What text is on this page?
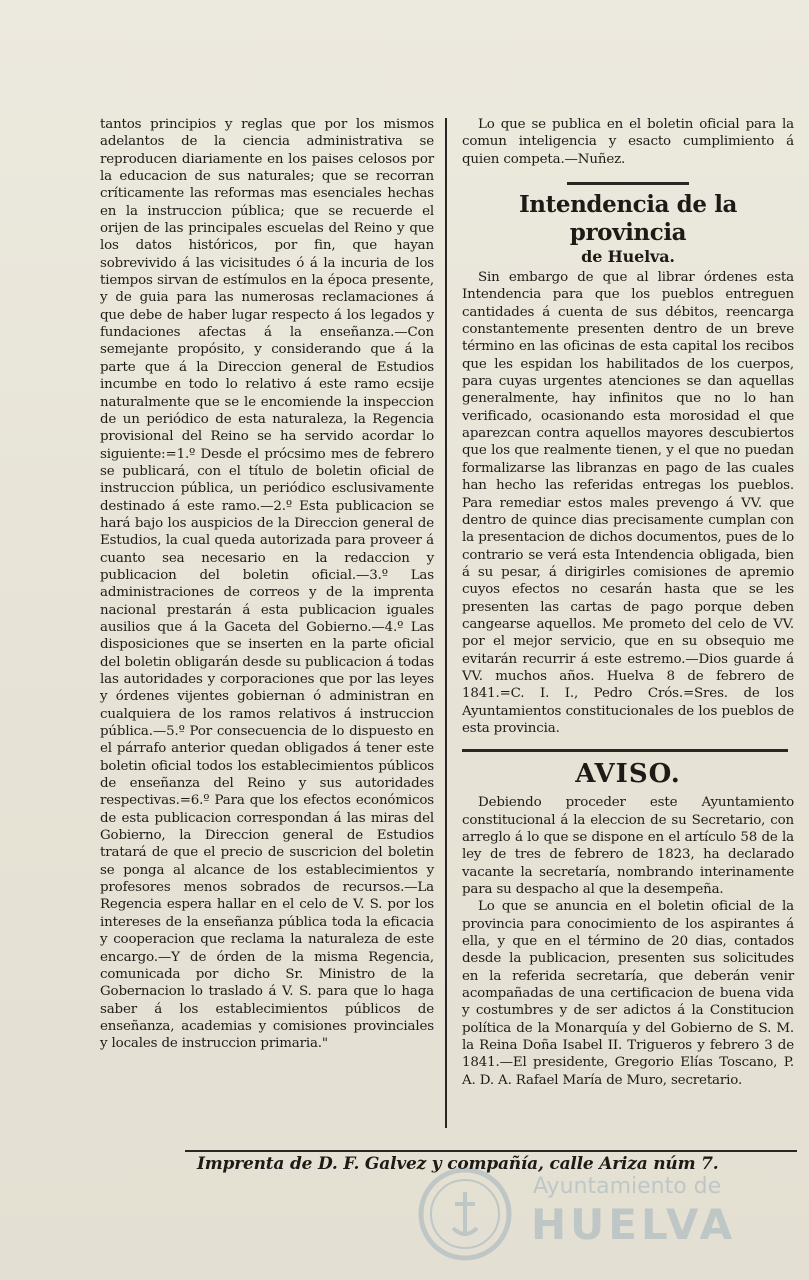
tantos principios y reglas que por los mismos adelantos de la ciencia administrativa se reproducen diariamente en los paises celosos por la educacion de sus naturales; que se recorran críticamente las reformas mas esenciales hechas en la instruccion pública; que se recuerde el orijen de las principales escuelas del Reino y que los datos históricos, por fin, que hayan sobrevivido á las vicisitudes ó á la incuria de los tiempos sirvan de estímulos en la época presente, y de guia para las numerosas reclamaciones á que debe de haber lugar respecto á los legados y fundaciones afectas á la enseñanza.—Con semejante propósito, y considerando que á la parte que á la Direccion general de Estudios incumbe en todo lo relativo á este ramo ecsije naturalmente que se le encomiende la inspeccion de un periódico de esta naturaleza, la Regencia provisional del Reino se ha servido acordar lo siguiente:=1.º Desde el prócsimo mes de febrero se publicará, con el título de boletin oficial de instruccion pública, un periódico esclusivamente destinado á este ramo.—2.º Esta publicacion se hará bajo los auspicios de la Direccion general de Estudios, la cual queda autorizada para proveer á cuanto sea necesario en la redaccion y publicacion del boletin oficial.—3.º Las administraciones de correos y de la imprenta nacional prestarán á esta publicacion iguales ausilios que á la Gaceta del Gobierno.—4.º Las disposiciones que se inserten en la parte oficial del boletin obligarán desde su publicacion á todas las autoridades y corporaciones que por las leyes y órdenes vijentes gobiernan ó administran en cualquiera de los ramos relativos á instruccion pública.—5.º Por consecuencia de lo dispuesto en el párrafo anterior quedan obligados á tener este boletin oficial todos los establecimientos públicos de enseñanza del Reino y sus autoridades respectivas.=6.º Para que los efectos económicos de esta publicacion correspondan á las miras del Gobierno, la Direccion general de Estudios tratará de que el precio de suscricion del boletin se ponga al alcance de los establecimientos y profesores menos sobrados de recursos.—La Regencia espera hallar en el celo de V. S. por los intereses de la enseñanza pública toda la eficacia y cooperacion que reclama la naturaleza de este encargo.—Y de órden de la misma Regencia, comunicada por dicho Sr. Ministro de la Gobernacion lo traslado á V. S. para que lo haga saber á los establecimientos públicos de enseñanza, academias y comisiones provinciales y locales de instruccion primaria."

Lo que se publica en el boletin oficial para la comun inteligencia y esacto cumplimiento á quien competa.—Nuñez.

Intendencia de la provincia
de Huelva.

Sin embargo de que al librar órdenes esta Intendencia para que los pueblos entreguen cantidades á cuenta de sus débitos, reencarga constantemente presenten dentro de un breve término en las oficinas de esta capital los recibos que les espidan los habilitados de los cuerpos, para cuyas urgentes atenciones se dan aquellas generalmente, hay infinitos que no lo han verificado, ocasionando esta morosidad el que aparezcan contra aquellos mayores descubiertos que los que realmente tienen, y el que no puedan formalizarse las libranzas en pago de las cuales han hecho las referidas entregas los pueblos. Para remediar estos males prevengo á VV. que dentro de quince dias precisamente cumplan con la presentacion de dichos documentos, pues de lo contrario se verá esta Intendencia obligada, bien á su pesar, á dirigirles comisiones de apremio cuyos efectos no cesarán hasta que se les presenten las cartas de pago porque deben cangearse aquellos. Me prometo del celo de VV. por el mejor servicio, que en su obsequio me evitarán recurrir á este estremo.—Dios guarde á VV. muchos años. Huelva 8 de febrero de 1841.=C. I. I., Pedro Crós.=Sres. de los Ayuntamientos constitucionales de los pueblos de esta provincia.

AVISO.

Debiendo proceder este Ayuntamiento constitucional á la eleccion de su Secretario, con arreglo á lo que se dispone en el artículo 58 de la ley de tres de febrero de 1823, ha declarado vacante la secretaría, nombrando interinamente para su despacho al que la desempeña.

Lo que se anuncia en el boletin oficial de la provincia para conocimiento de los aspirantes á ella, y que en el término de 20 dias, contados desde la publicacion, presenten sus solicitudes en la referida secretaría, que deberán venir acompañadas de una certificacion de buena vida y costumbres y de ser adictos á la Constitucion política de la Monarquía y del Gobierno de S. M. la Reina Doña Isabel II. Trigueros y febrero 3 de 1841.—El presidente, Gregorio Elías Toscano, P. A. D. A. Rafael María de Muro, secretario.

Imprenta de D. F. Galvez y compañía, calle Ariza núm 7.
Ayuntamiento de
HUELVA
